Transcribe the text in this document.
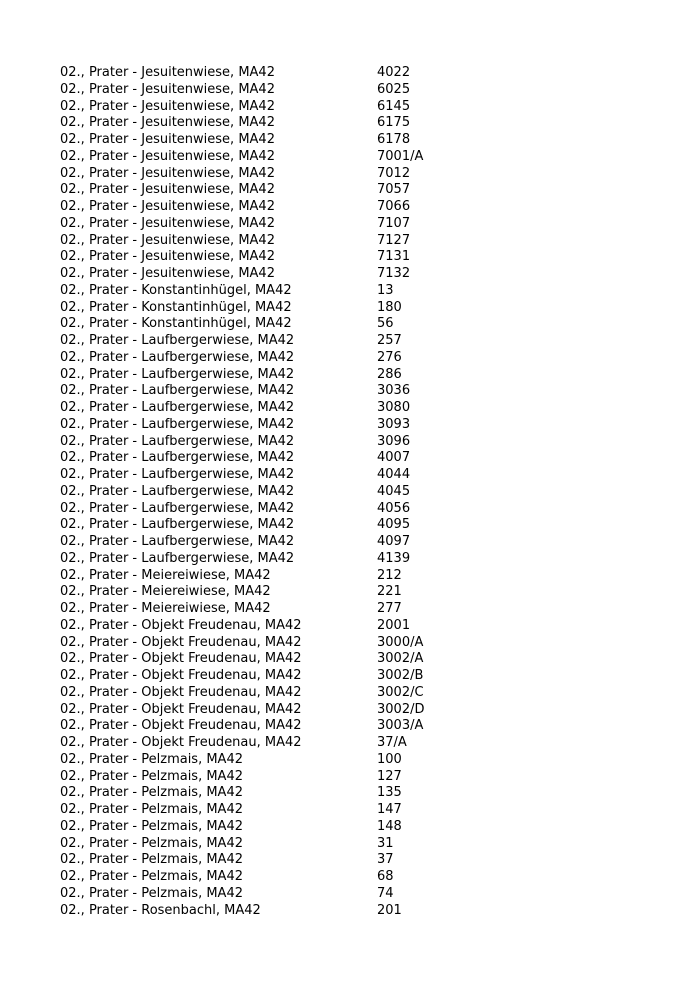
02., Prater - Jesuitenwiese, MA42	4022
02., Prater - Jesuitenwiese, MA42	6025
02., Prater - Jesuitenwiese, MA42	6145
02., Prater - Jesuitenwiese, MA42	6175
02., Prater - Jesuitenwiese, MA42	6178
02., Prater - Jesuitenwiese, MA42	7001/A
02., Prater - Jesuitenwiese, MA42	7012
02., Prater - Jesuitenwiese, MA42	7057
02., Prater - Jesuitenwiese, MA42	7066
02., Prater - Jesuitenwiese, MA42	7107
02., Prater - Jesuitenwiese, MA42	7127
02., Prater - Jesuitenwiese, MA42	7131
02., Prater - Jesuitenwiese, MA42	7132
02., Prater - Konstantinhügel, MA42	13
02., Prater - Konstantinhügel, MA42	180
02., Prater - Konstantinhügel, MA42	56
02., Prater - Laufbergerwiese, MA42	257
02., Prater - Laufbergerwiese, MA42	276
02., Prater - Laufbergerwiese, MA42	286
02., Prater - Laufbergerwiese, MA42	3036
02., Prater - Laufbergerwiese, MA42	3080
02., Prater - Laufbergerwiese, MA42	3093
02., Prater - Laufbergerwiese, MA42	3096
02., Prater - Laufbergerwiese, MA42	4007
02., Prater - Laufbergerwiese, MA42	4044
02., Prater - Laufbergerwiese, MA42	4045
02., Prater - Laufbergerwiese, MA42	4056
02., Prater - Laufbergerwiese, MA42	4095
02., Prater - Laufbergerwiese, MA42	4097
02., Prater - Laufbergerwiese, MA42	4139
02., Prater - Meiereiwiese, MA42	212
02., Prater - Meiereiwiese, MA42	221
02., Prater - Meiereiwiese, MA42	277
02., Prater - Objekt Freudenau, MA42	2001
02., Prater - Objekt Freudenau, MA42	3000/A
02., Prater - Objekt Freudenau, MA42	3002/A
02., Prater - Objekt Freudenau, MA42	3002/B
02., Prater - Objekt Freudenau, MA42	3002/C
02., Prater - Objekt Freudenau, MA42	3002/D
02., Prater - Objekt Freudenau, MA42	3003/A
02., Prater - Objekt Freudenau, MA42	37/A
02., Prater - Pelzmais, MA42	100
02., Prater - Pelzmais, MA42	127
02., Prater - Pelzmais, MA42	135
02., Prater - Pelzmais, MA42	147
02., Prater - Pelzmais, MA42	148
02., Prater - Pelzmais, MA42	31
02., Prater - Pelzmais, MA42	37
02., Prater - Pelzmais, MA42	68
02., Prater - Pelzmais, MA42	74
02., Prater - Rosenbachl, MA42	201
